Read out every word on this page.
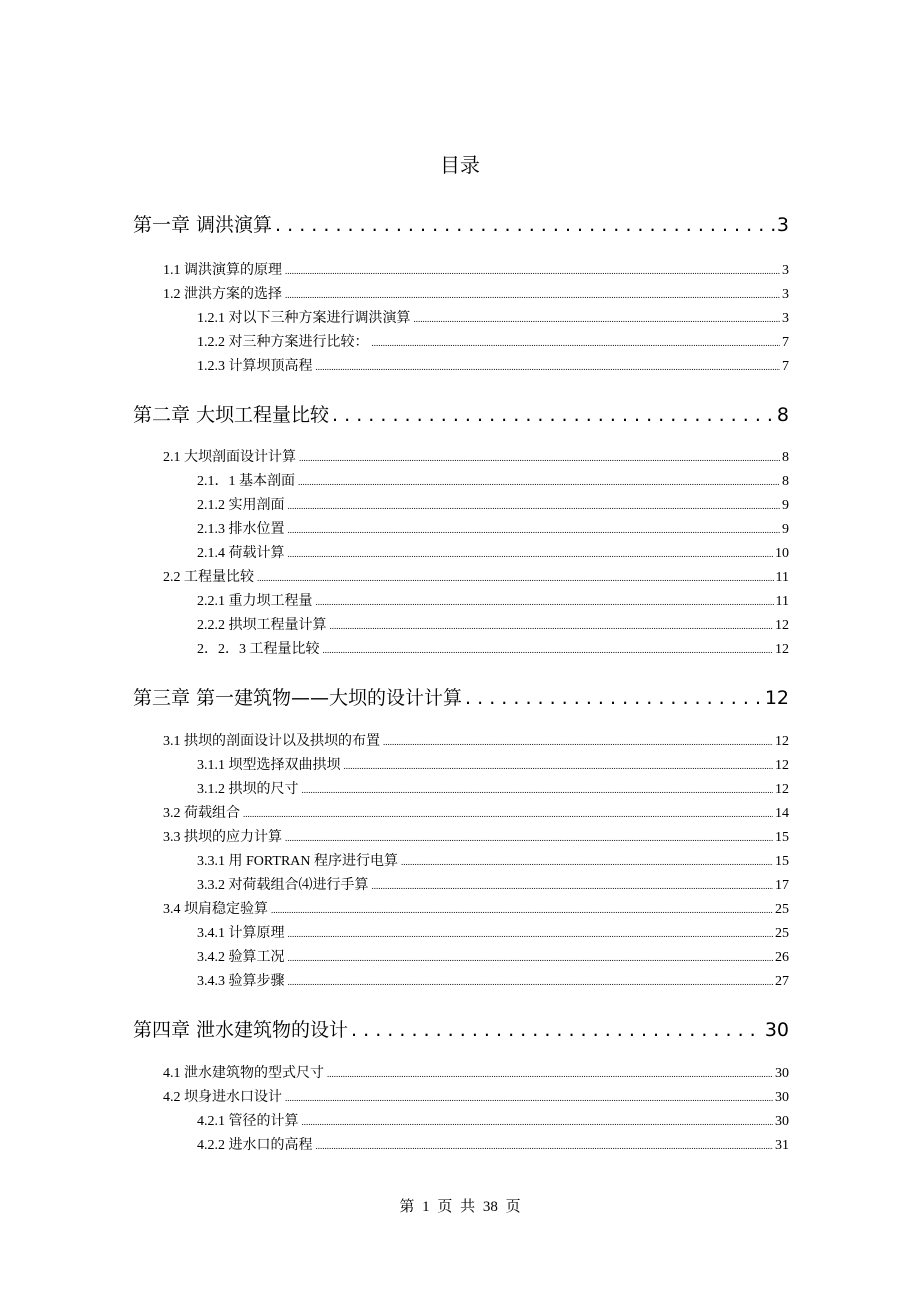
目录
第一章 调洪演算 . . .	3
1.1 调洪演算的原理 .....	3
1.2 泄洪方案的选择 .....	3
1.2.1 对以下三种方案进行调洪演算 .....	3
1.2.2 对三种方案进行比较： .....	7
1.2.3 计算坝顶高程 .....	7
第二章 大坝工程量比较 . . .	8
2.1 大坝剖面设计计算 .....	8
2.1．1 基本剖面 .....	8
2.1.2 实用剖面 .....	9
2.1.3 排水位置 .....	9
2.1.4 荷载计算 .....	10
2.2 工程量比较 .....	11
2.2.1 重力坝工程量 .....	11
2.2.2 拱坝工程量计算 .....	12
2．2．3 工程量比较 .....	12
第三章 第一建筑物——大坝的设计计算 . . .	12
3.1 拱坝的剖面设计以及拱坝的布置 .....	12
3.1.1 坝型选择双曲拱坝 .....	12
3.1.2 拱坝的尺寸 .....	12
3.2 荷载组合 .....	14
3.3 拱坝的应力计算 .....	15
3.3.1 用 FORTRAN 程序进行电算 .....	15
3.3.2 对荷载组合⑷进行手算 .....	17
3.4 坝肩稳定验算 .....	25
3.4.1 计算原理 .....	25
3.4.2 验算工况 .....	26
3.4.3 验算步骤 .....	27
第四章 泄水建筑物的设计 . . .	30
4.1 泄水建筑物的型式尺寸 .....	30
4.2 坝身进水口设计 .....	30
4.2.1 管径的计算 .....	30
4.2.2 进水口的高程 .....	31
第 1 页 共 38 页
